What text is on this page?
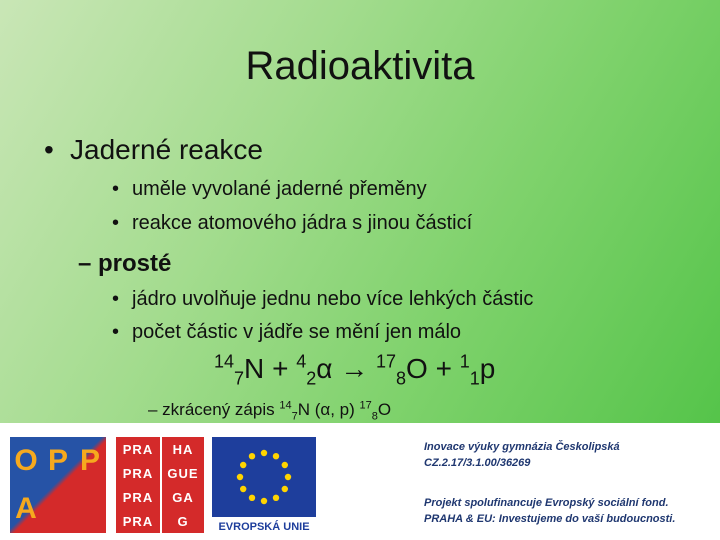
Radioaktivita
• Jaderné reakce
• uměle vyvolané jaderné přeměny
• reakce atomového jádra s jinou částicí
– prosté
• jádro uvolňuje jednu nebo více lehkých částic
• počet částic v jádře se mění jen málo
$^{14}_7$N + $^4_2$α → $^{17}_8$O + $^1_1$p
– zkrácený zápis $^{14}_7$N (α, p) $^{17}_8$O
O P P
A
PRA	HA
PRA	GUE
PRA	GA
PRA	G	EVROPSKÁ UNIE
Inovace výuky gymnázia Českolipská
CZ.2.17/3.1.00/36269
Projekt spolufinancuje Evropský sociální fond.
PRAHA & EU: Investujeme do vaší budoucnosti.
